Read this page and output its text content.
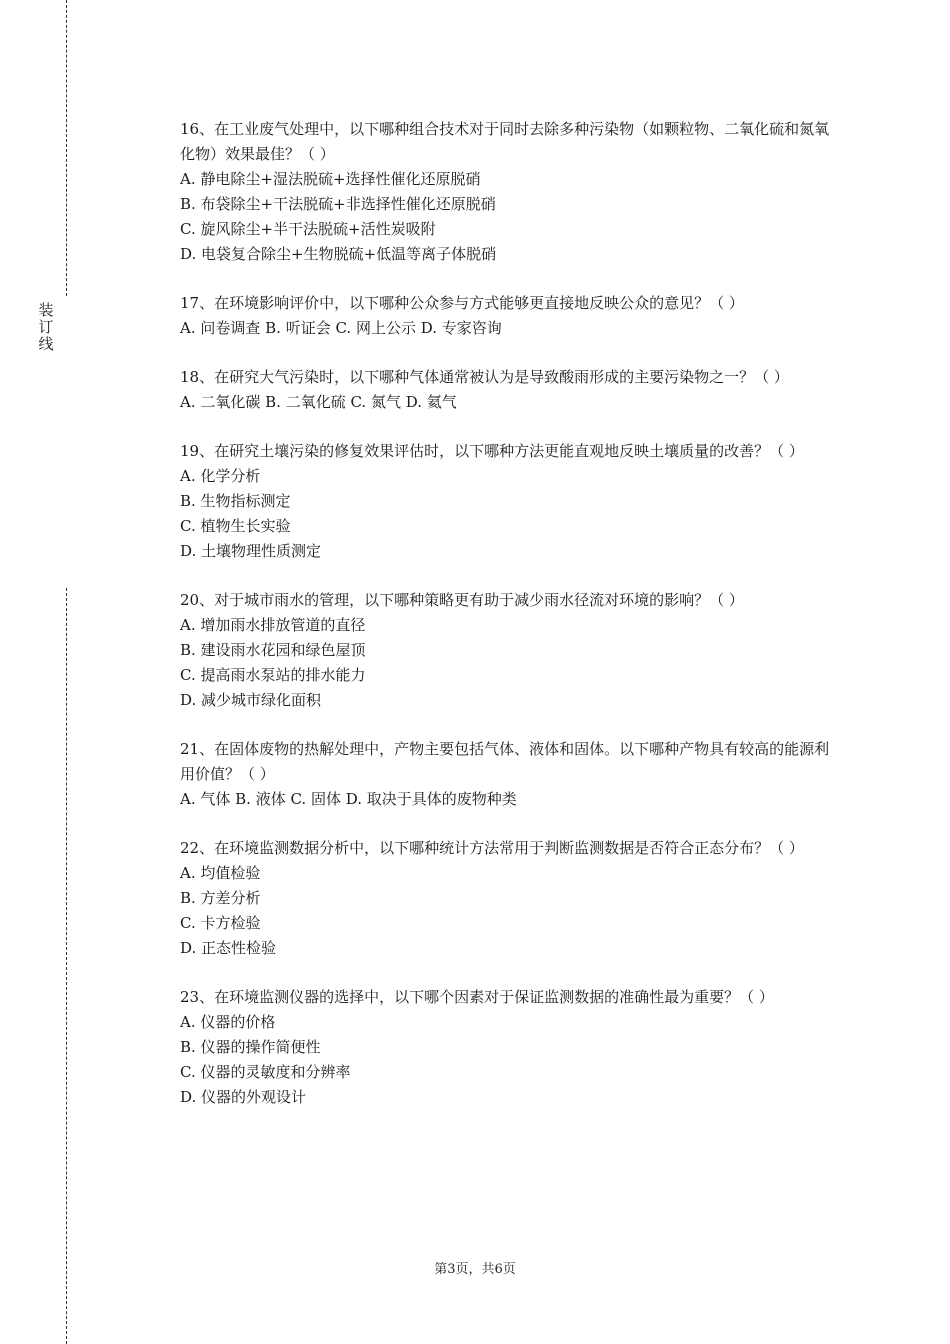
装
订
线

16、在工业废气处理中，以下哪种组合技术对于同时去除多种污染物（如颗粒物、二氧化硫和氮氧化物）效果最佳？（ ）

A. 静电除尘+湿法脱硫+选择性催化还原脱硝

B. 布袋除尘+干法脱硫+非选择性催化还原脱硝

C. 旋风除尘+半干法脱硫+活性炭吸附

D. 电袋复合除尘+生物脱硫+低温等离子体脱硝

17、在环境影响评价中，以下哪种公众参与方式能够更直接地反映公众的意见？（ ）

A. 问卷调查 B. 听证会 C. 网上公示 D. 专家咨询

18、在研究大气污染时，以下哪种气体通常被认为是导致酸雨形成的主要污染物之一？（ ）

A. 二氧化碳 B. 二氧化硫 C. 氮气 D. 氦气

19、在研究土壤污染的修复效果评估时，以下哪种方法更能直观地反映土壤质量的改善？（ ）

A. 化学分析

B. 生物指标测定

C. 植物生长实验

D. 土壤物理性质测定

20、对于城市雨水的管理，以下哪种策略更有助于减少雨水径流对环境的影响？（ ）

A. 增加雨水排放管道的直径

B. 建设雨水花园和绿色屋顶

C. 提高雨水泵站的排水能力

D. 减少城市绿化面积

21、在固体废物的热解处理中，产物主要包括气体、液体和固体。以下哪种产物具有较高的能源利用价值？（ ）

A. 气体 B. 液体 C. 固体 D. 取决于具体的废物种类

22、在环境监测数据分析中，以下哪种统计方法常用于判断监测数据是否符合正态分布？（ ）

A. 均值检验

B. 方差分析

C. 卡方检验

D. 正态性检验

23、在环境监测仪器的选择中，以下哪个因素对于保证监测数据的准确性最为重要？（ ）

A. 仪器的价格

B. 仪器的操作简便性

C. 仪器的灵敏度和分辨率

D. 仪器的外观设计

第3页，共6页
